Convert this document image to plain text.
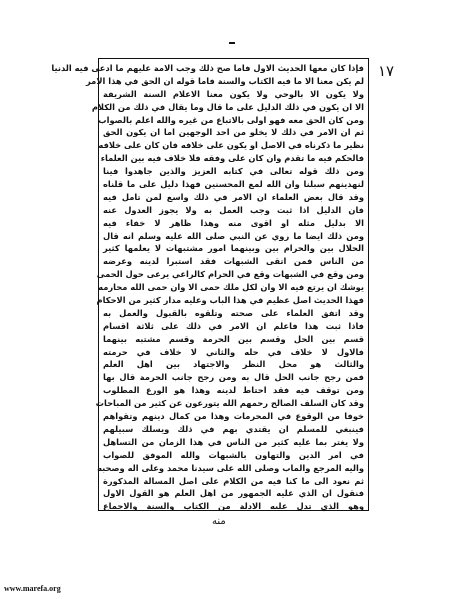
١٧
فإذا كان معها الحديث الاول فاما صح ذلك وجب الامة عليهم ما ادعى فيه الدنيا
لم يكن معنا الا ما فيه الكتاب والسنة فاما قوله ان الحق في هذا الامر
ولا يكون الا بالوحي ولا يكون معنا الاعلام السنة الشريفة
الا ان يكون في ذلك الدليل على ما قال وما يقال في ذلك من الكلام
ومن كان الحق معه فهو اولى بالاتباع من غيره والله اعلم بالصواب
ثم ان الامر في ذلك لا يخلو من احد الوجهين اما ان يكون الحق
نظير ما ذكرناه في الاصل او يكون على خلافه فان كان على خلافه
فالحكم فيه ما تقدم وان كان على وفقه فلا خلاف فيه بين العلماء
ومن ذلك قوله تعالى في كتابه العزيز والذين جاهدوا فينا
لنهدينهم سبلنا وان الله لمع المحسنين فهذا دليل على ما قلناه
وقد قال بعض العلماء ان الامر في ذلك واسع لمن تامل فيه
فان الدليل اذا ثبت وجب العمل به ولا يجوز العدول عنه
الا بدليل مثله او اقوى منه وهذا ظاهر لا خفاء فيه
ومن ذلك ايضا ما روي عن النبي صلى الله عليه وسلم انه قال
الحلال بين والحرام بين وبينهما امور مشتبهات لا يعلمها كثير
من الناس فمن اتقى الشبهات فقد استبرا لدينه وعرضه
ومن وقع في الشبهات وقع في الحرام كالراعي يرعى حول الحمى
يوشك ان يرتع فيه الا وان لكل ملك حمى الا وان حمى الله محارمه
فهذا الحديث اصل عظيم في هذا الباب وعليه مدار كثير من الاحكام
وقد اتفق العلماء على صحته وتلقوه بالقبول والعمل به
فاذا ثبت هذا فاعلم ان الامر في ذلك على ثلاثة اقسام
قسم بين الحل وقسم بين الحرمة وقسم مشتبه بينهما
فالاول لا خلاف في حله والثاني لا خلاف في حرمته
والثالث هو محل النظر والاجتهاد بين اهل العلم
فمن رجح جانب الحل قال به ومن رجح جانب الحرمة قال بها
ومن توقف فيه فقد احتاط لدينه وهذا هو الورع المطلوب
وقد كان السلف الصالح رحمهم الله يتورعون عن كثير من المباحات
خوفا من الوقوع في المحرمات وهذا من كمال دينهم وتقواهم
فينبغي للمسلم ان يقتدي بهم في ذلك ويسلك سبيلهم
ولا يغتر بما عليه كثير من الناس في هذا الزمان من التساهل
في امر الدين والتهاون بالشبهات والله الموفق للصواب
واليه المرجع والماب وصلى الله على سيدنا محمد وعلى اله وصحبه
ثم نعود الى ما كنا فيه من الكلام على اصل المسالة المذكورة
فنقول ان الذي عليه الجمهور من اهل العلم هو القول الاول
وهو الذي تدل عليه الادلة من الكتاب والسنة والاجماع
منه
www.marefa.org
